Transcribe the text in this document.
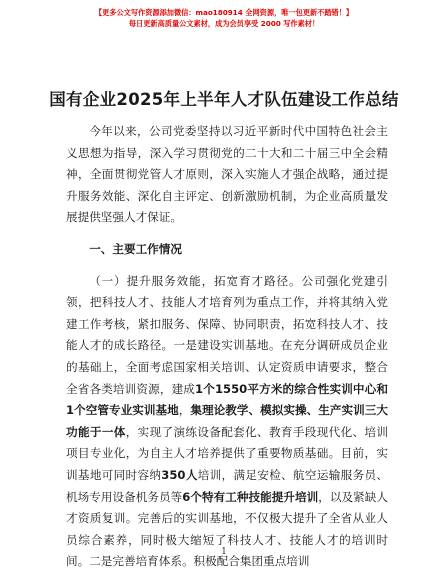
【更多公文写作资源添加微信：mao180914 全网资源，唯一包更新不踏错！】
每日更新高质量公文素材，成为会员享受 2000 写作素材！
国有企业2025年上半年人才队伍建设工作总结

今年以来，公司党委坚持以习近平新时代中国特色社会主义思想为指导，深入学习贯彻党的二十大和二十届三中全会精神，全面贯彻党管人才原则，深入实施人才强企战略，通过提升服务效能、深化自主评定、创新激励机制，为企业高质量发展提供坚强人才保证。

一、主要工作情况

（一）提升服务效能，拓宽育才路径。公司强化党建引领，把科技人才、技能人才培育列为重点工作，并将其纳入党建工作考核，紧扣服务、保障、协同职责，拓宽科技人才、技能人才的成长路径。一是建设实训基地。在充分调研成员企业的基础上，全面考虑国家相关培训、认定资质申请要求，整合全省各类培训资源，建成1个1550平方米的综合性实训中心和1个空管专业实训基地，集理论教学、模拟实操、生产实训三大功能于一体，实现了演练设备配套化、教育手段现代化、培训项目专业化，为自主人才培养提供了重要物质基础。目前，实训基地可同时容纳350人培训，满足安检、航空运输服务员、机场专用设备机务员等6个特有工种技能提升培训，以及紧缺人才资质复训。完善后的实训基地，不仅极大提升了全省从业人员综合素养，同时极大缩短了科技人才、技能人才的培训时间。二是完善培育体系。积极配合集团重点培训

1
